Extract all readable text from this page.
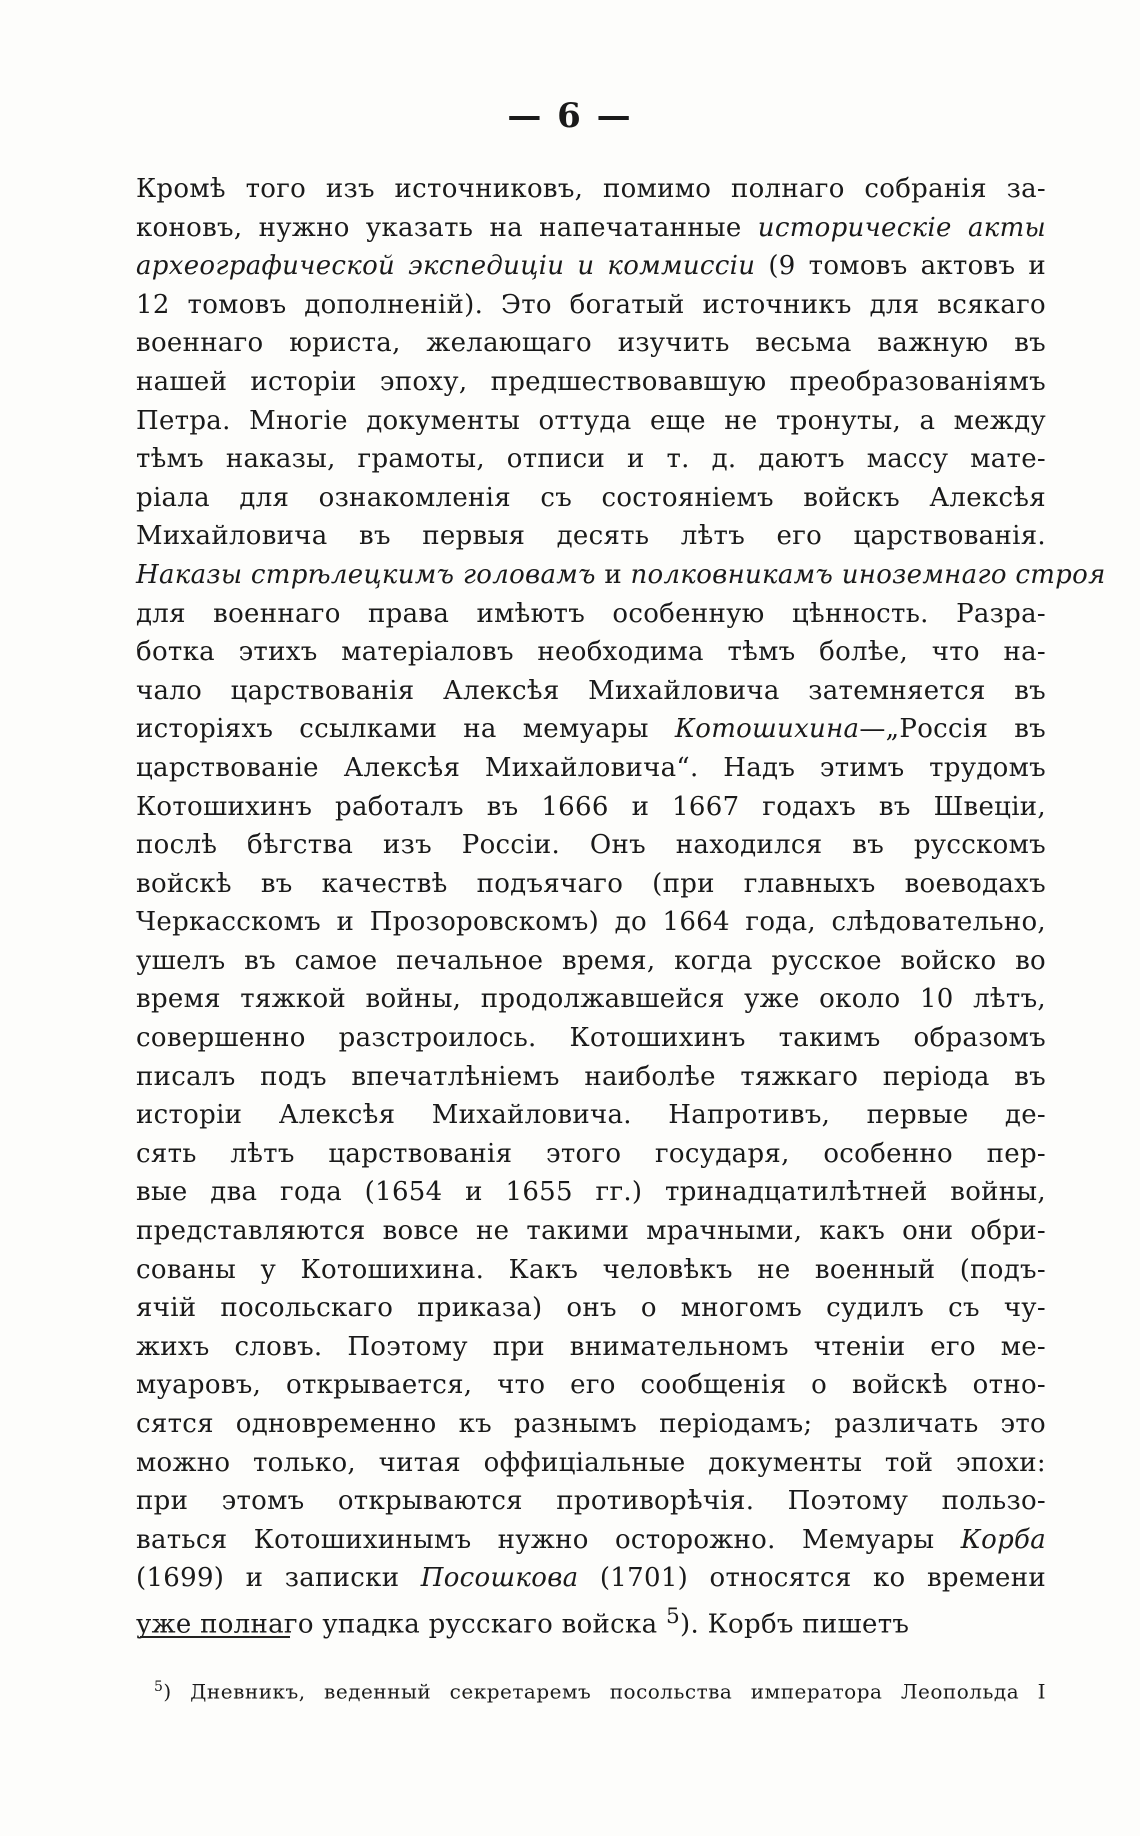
— 6 —
Кромѣ того изъ источниковъ, помимо полнаго собранія за-
коновъ, нужно указать на напечатанные историческіе акты
археографической экспедиціи и коммиссіи (9 томовъ актовъ и
12 томовъ дополненій). Это богатый источникъ для всякаго
военнаго юриста, желающаго изучить весьма важную въ
нашей исторіи эпоху, предшествовавшую преобразованіямъ
Петра. Многіе документы оттуда еще не тронуты, а между
тѣмъ наказы, грамоты, отписи и т. д. даютъ массу мате-
ріала для ознакомленія съ состояніемъ войскъ Алексѣя
Михайловича въ первыя десять лѣтъ его царствованія.
Наказы стрѣлецкимъ головамъ и полковникамъ иноземнаго строя
для военнаго права имѣютъ особенную цѣнность. Разра-
ботка этихъ матеріаловъ необходима тѣмъ болѣе, что на-
чало царствованія Алексѣя Михайловича затемняется въ
исторіяхъ ссылками на мемуары Котошихина—„Россія въ
царствованіе Алексѣя Михайловича“. Надъ этимъ трудомъ
Котошихинъ работалъ въ 1666 и 1667 годахъ въ Швеціи,
послѣ бѣгства изъ Россіи. Онъ находился въ русскомъ
войскѣ въ качествѣ подъячаго (при главныхъ воеводахъ
Черкасскомъ и Прозоровскомъ) до 1664 года, слѣдовательно,
ушелъ въ самое печальное время, когда русское войско во
время тяжкой войны, продолжавшейся уже около 10 лѣтъ,
совершенно разстроилось. Котошихинъ такимъ образомъ
писалъ подъ впечатлѣніемъ наиболѣе тяжкаго періода въ
исторіи Алексѣя Михайловича. Напротивъ, первые де-
сять лѣтъ царствованія этого государя, особенно пер-
вые два года (1654 и 1655 гг.) тринадцатилѣтней войны,
представляются вовсе не такими мрачными, какъ они обри-
сованы у Котошихина. Какъ человѣкъ не военный (подъ-
ячій посольскаго приказа) онъ о многомъ судилъ съ чу-
жихъ словъ. Поэтому при внимательномъ чтеніи его ме-
муаровъ, открывается, что его сообщенія о войскѣ отно-
сятся одновременно къ разнымъ періодамъ; различать это
можно только, читая оффиціальные документы той эпохи:
при этомъ открываются противорѣчія. Поэтому пользо-
ваться Котошихинымъ нужно осторожно. Мемуары Корба
(1699) и записки Посошкова (1701) относятся ко времени
уже полнаго упадка русскаго войска $^5$). Корбъ пишетъ
$^5$) Дневникъ, веденный секретаремъ посольства императора Леопольда I
